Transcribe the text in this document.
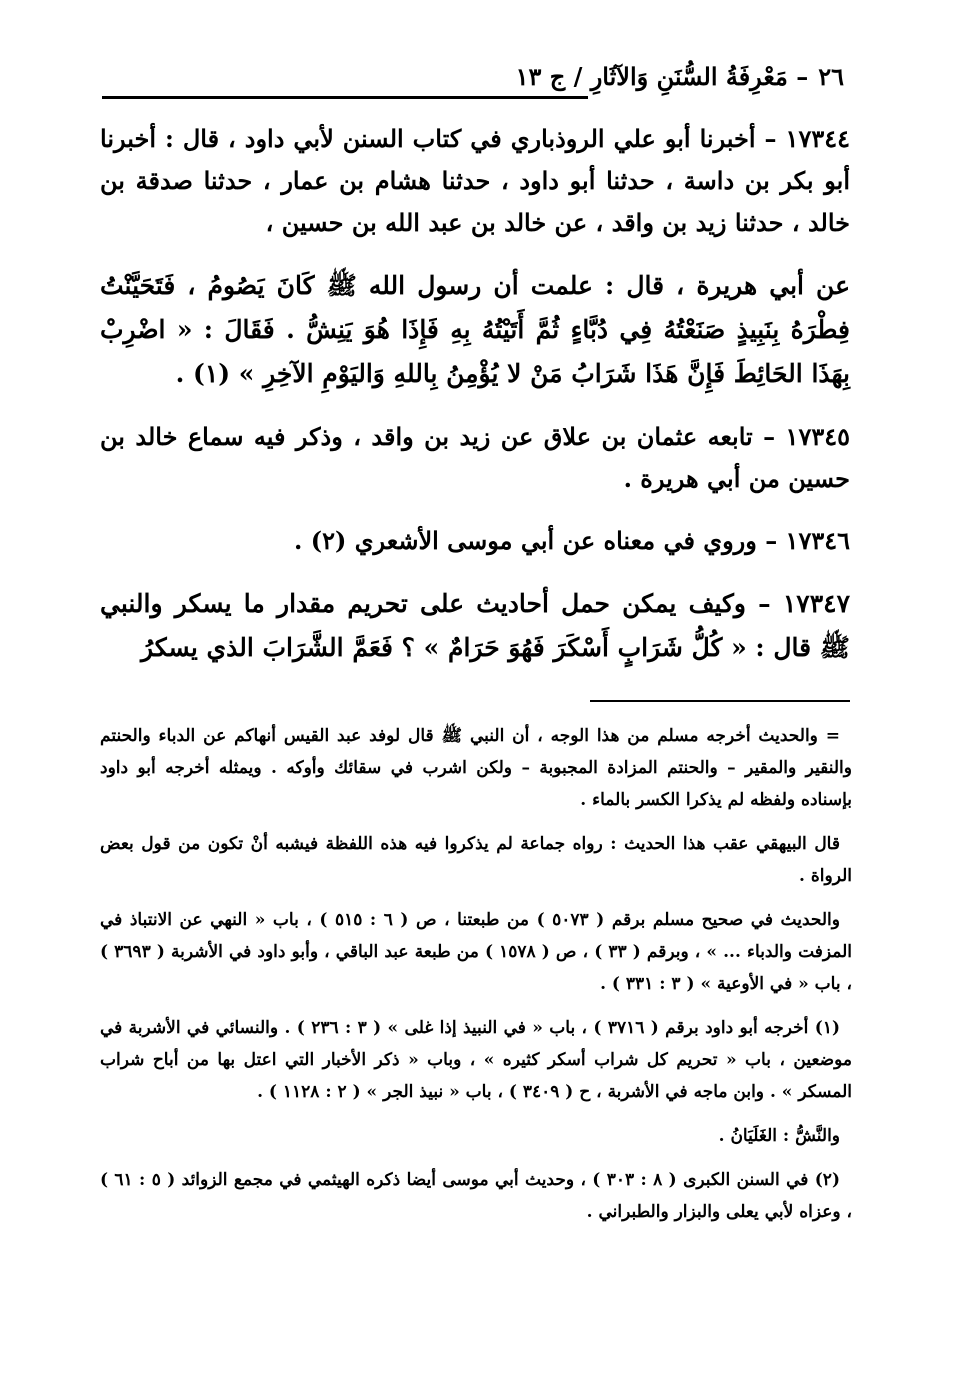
٢٦– مَعْرِفَةُ السُّنَنِ وَالآثَارِ / ج ١٣

١٧٣٤٤ – أخبرنا أبو علي الروذباري في كتاب السنن لأبي داود ، قال : أخبرنا أبو بكر بن داسة ، حدثنا أبو داود ، حدثنا هشام بن عمار ، حدثنا صدقة بن خالد ، حدثنا زيد بن واقد ، عن خالد بن عبد الله بن حسين ،

عن أبي هريرة ، قال : علمت أن رسول الله ﷺ كَانَ يَصُومُ ، فَتَحَيَّنْتُ فِطْرَهُ بِنَبِيذٍ صَنَعْتُهُ فِي دُبَّاءٍ ثُمَّ أَتَيْتُهُ بِهِ فَإِذَا هُوَ يَنِشُّ . فَقَالَ : « اضْرِبْ بِهَذَا الحَائِطَ فَإِنَّ هَذَا شَرَابُ مَنْ لا يُؤْمِنُ بِاللهِ وَاليَوْمِ الآخِرِ » (١) .

١٧٣٤٥ – تابعه عثمان بن علاق عن زيد بن واقد ، وذكر فيه سماع خالد بن حسين من أبي هريرة .

١٧٣٤٦ – وروي في معناه عن أبي موسى الأشعري (٢) .

١٧٣٤٧ – وكيف يمكن حمل أحاديث على تحريم مقدار ما يسكر والنبي ﷺ قال : « كُلُّ شَرَابٍ أَسْكَرَ فَهُوَ حَرَامٌ » ؟ فَعَمَّ الشَّرَابَ الذي يسكرُ

= والحديث أخرجه مسلم من هذا الوجه ، أن النبي ﷺ قال لوفد عبد القيس أنهاكم عن الدباء والحنتم والنقير والمقير – والحنتم المزادة المجبوبة – ولكن اشرب في سقائك وأوكه . ويمثله أخرجه أبو داود بإسناده ولفظه لم يذكرا الكسر بالماء .

قال البيهقي عقب هذا الحديث : رواه جماعة لم يذكروا فيه هذه اللفظة فيشبه أنْ تكون من قول بعض الرواة .

والحديث في صحيح مسلم برقم ( ٥٠٧٣ ) من طبعتنا ، ص ( ٦ : ٥١٥ ) ، باب « النهي عن الانتباذ في المزفت والدباء ... » ، وبرقم ( ٣٣ ) ، ص ( ١٥٧٨ ) من طبعة عبد الباقي ، وأبو داود في الأشربة ( ٣٦٩٣ ) ، باب « في الأوعية » ( ٣ : ٣٣١ ) .

(١) أخرجه أبو داود برقم ( ٣٧١٦ ) ، باب « في النبيذ إذا غلى » ( ٣ : ٢٣٦ ) . والنسائي في الأشربة في موضعين ، باب « تحريم كل شراب أسكر كثيره » ، وباب « ذكر الأخبار التي اعتل بها من أباح شراب المسكر » . وابن ماجه في الأشربة ، ح ( ٣٤٠٩ ) ، باب « نبيذ الجر » ( ٢ : ١١٢٨ ) .

والنَّشُّ : الغَلَيَانُ .

(٢) في السنن الكبرى ( ٨ : ٣٠٣ ) ، وحديث أبي موسى أيضا ذكره الهيثمي في مجمع الزوائد ( ٥ : ٦١ ) ، وعزاه لأبي يعلى والبزار والطبراني .
